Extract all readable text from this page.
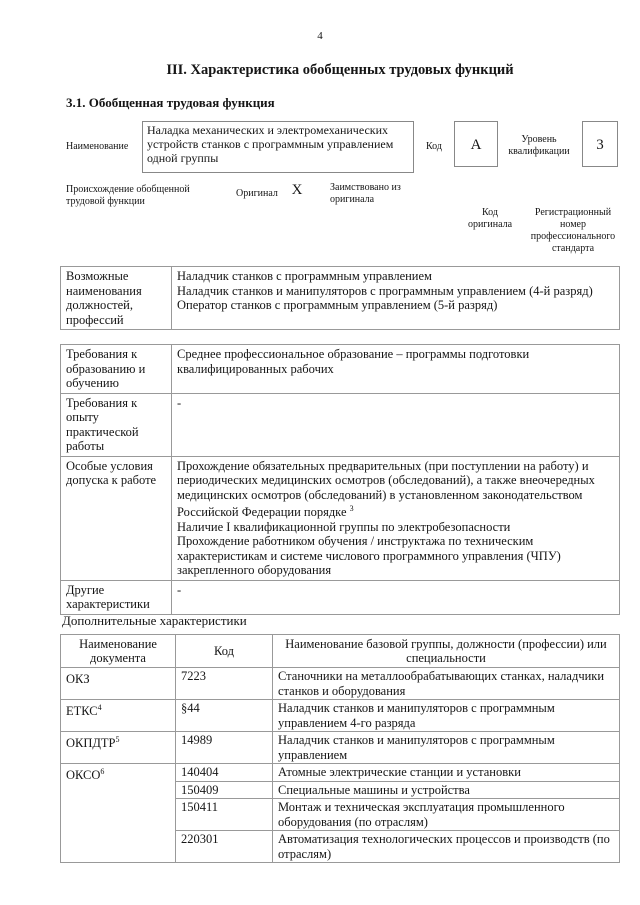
4
III. Характеристика обобщенных трудовых функций
3.1. Обобщенная трудовая функция
Наименование
Наладка механических и электромеханических устройств станков с программным управлением одной группы
Код	А	Уровень квалификации	3
Происхождение обобщенной трудовой функции
Оригинал X	Заимствовано из оригинала
Код оригинала
Регистрационный номер профессионального стандарта
Возможные наименования должностей, профессий	
Наладчик станков с программным управлением
Наладчик станков и манипуляторов с программным управлением (4-й разряд)
Оператор станков с программным управлением (5-й разряд)
Требования к образованию и обучению	Среднее профессиональное образование – программы подготовки квалифицированных рабочих
Требования к опыту практической работы	-
Особые условия допуска к работе	Прохождение обязательных предварительных (при поступлении на работу) и периодических медицинских осмотров (обследований), а также внеочередных медицинских осмотров (обследований) в установленном законодательством Российской Федерации порядке $^3$
Наличие I квалификационной группы по электробезопасности
Прохождение работником обучения / инструктажа по техническим характеристикам и системе числового программного управления (ЧПУ) закрепленного оборудования

Другие характеристики	-
Дополнительные характеристики
Наименование документа	Код	Наименование базовой группы, должности (профессии) или специальности
ОКЗ	7223	Станочники на металлообрабатывающих станках, наладчики станков и оборудования
ЕТКС$^4$	§44	Наладчик станков и манипуляторов с программным управлением 4-го разряда
ОКПДТР$^5$	14989	Наладчик станков и манипуляторов с программным управлением
ОКСО$^6$	140404	Атомные электрические станции и установки
	150409	Специальные машины и устройства
	150411	Монтаж и техническая эксплуатация промышленного оборудования (по отраслям)
	220301	Автоматизация технологических процессов и производств (по отраслям)
